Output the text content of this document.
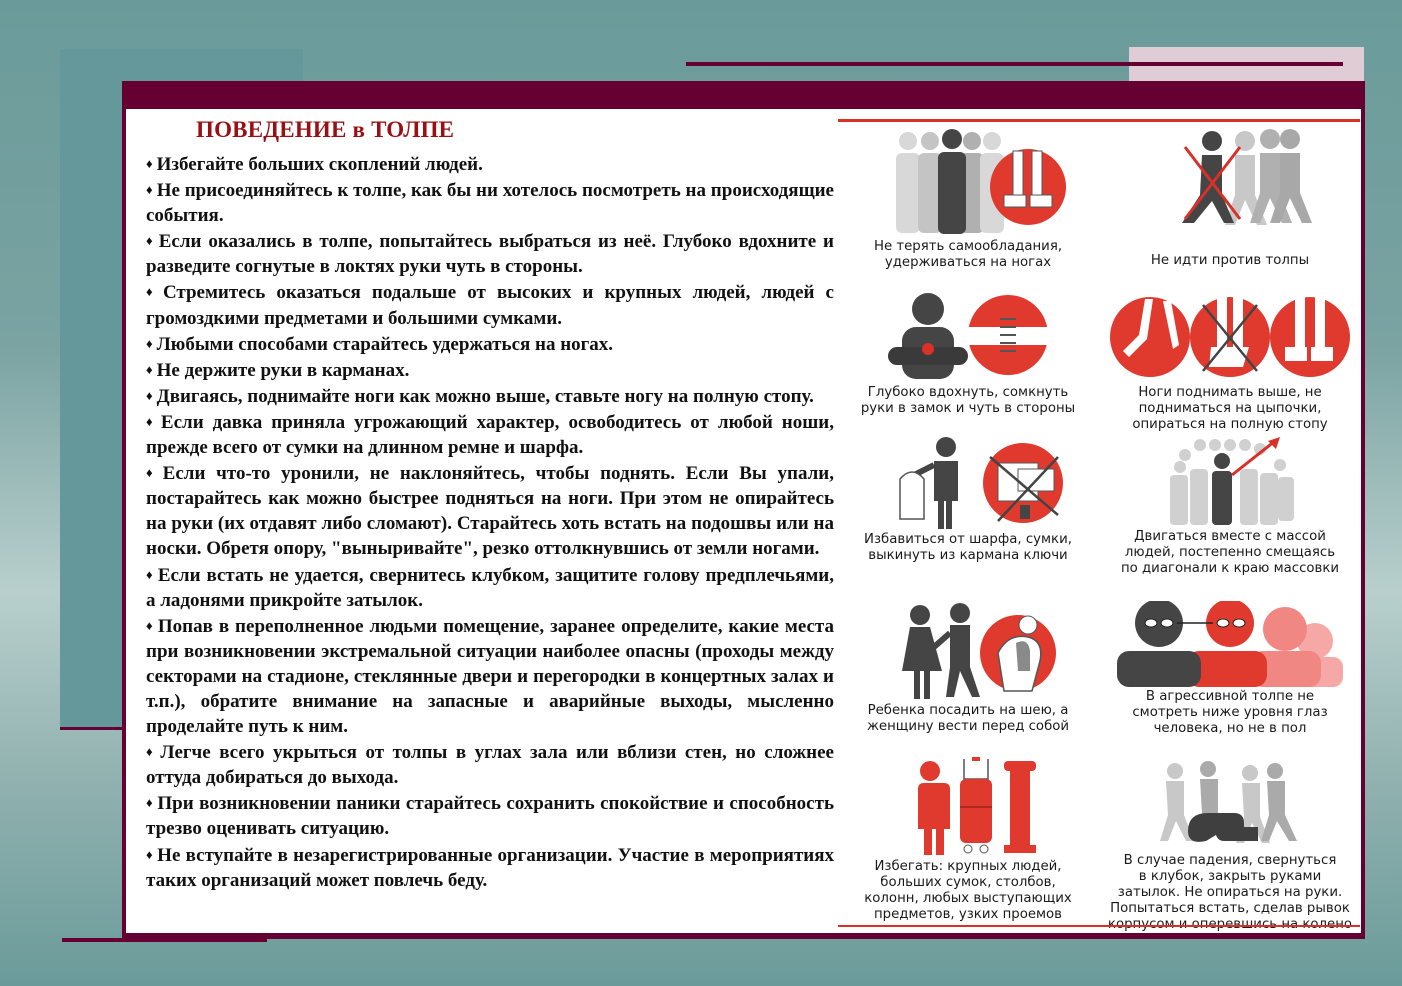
ПОВЕДЕНИЕ в ТОЛПЕ

♦ Избегайте больших скоплений людей.

♦ Не присоединяйтесь к толпе, как бы ни хотелось посмотреть на происходящие события.

♦ Если оказались в толпе, попытайтесь выбраться из неё. Глубоко вдохните и разведите согнутые в локтях руки чуть в стороны.

♦ Стремитесь оказаться подальше от высоких и крупных людей, людей с громоздкими предметами и большими сумками.

♦ Любыми способами старайтесь удержаться на ногах.

♦ Не держите руки в карманах.

♦ Двигаясь, поднимайте ноги как можно выше, ставьте ногу на полную стопу.

♦ Если давка приняла угрожающий характер, освободитесь от любой ноши, прежде всего от сумки на длинном ремне и шарфа.

♦ Если что-то уронили, не наклоняйтесь, чтобы поднять. Если Вы упали, постарайтесь как можно быстрее подняться на ноги. При этом не опирайтесь на руки (их отдавят либо сломают). Старайтесь хоть встать на подошвы или на носки. Обретя опору, "выныривайте", резко оттолкнувшись от земли ногами.

♦ Если встать не удается, свернитесь клубком, защитите голову предплечьями, а ладонями прикройте затылок.

♦ Попав в переполненное людьми помещение, заранее определите, какие места при возникновении экстремальной ситуации наиболее опасны (проходы между секторами на стадионе, стеклянные двери и перегородки в концертных залах и т.п.), обратите внимание на запасные и аварийные выходы, мысленно проделайте путь к ним.

♦ Легче всего укрыться от толпы в углах зала или вблизи стен, но сложнее оттуда добираться до выхода.

♦ При возникновении паники старайтесь сохранить спокойствие и способность трезво оценивать ситуацию.

♦ Не вступайте в незарегистрированные организации. Участие в мероприятиях таких организаций может повлечь беду.

Не терять самообладания,
удерживаться на ногах	Не идти против толпы
Глубоко вдохнуть, сомкнуть
руки в замок и чуть в стороны
Ноги поднимать выше, не
подниматься на цыпочки,
опираться на полную стопу
Избавиться от шарфа, сумки,
выкинуть из кармана ключи
Двигаться вместе с массой
людей, постепенно смещаясь
по диагонали к краю массовки
Ребенка посадить на шею, а
женщину вести перед собой
В агрессивной толпе не
смотреть ниже уровня глаз
человека, но не в пол
Избегать: крупных людей,
больших сумок, столбов,
колонн, любых выступающих
предметов, узких проемов
В случае падения, свернуться
в клубок, закрыть руками
затылок. Не опираться на руки.
Попытаться встать, сделав рывок
